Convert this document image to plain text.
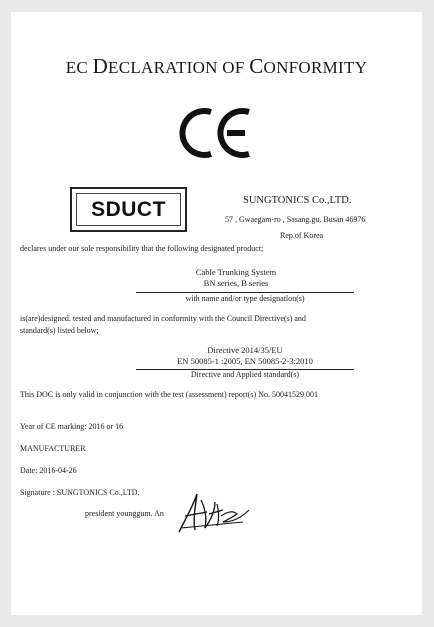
EC DECLARATION OF CONFORMITY
SDUCT	SUNGTONICS Co.,LTD.
57 , Gwaegam-ro , Sasang.gu. Busan 46976
Rep.of Korea
declares under our sole responsibility that the following designated product;
Cable Trunking System
BN series, B series
with name and/or type designatlon(s)
is(are)designed. tested and manufactured in conformity with the Council Directive(s) and
standard(s) listed below;
Directive 2014/35/EU
EN 50085-1 :2005, EN 50085-2-3:2010
Directive and Applied standard(s)
This DOC is only valid in conjunction with the test (assessment) report(s) No. 50041529 001
Year of CE marking: 2016 or 16
MANUFACTURER
Date: 2016-04-26
Signature : SUNGTONICS Co.,LTD.
president younggum. An
